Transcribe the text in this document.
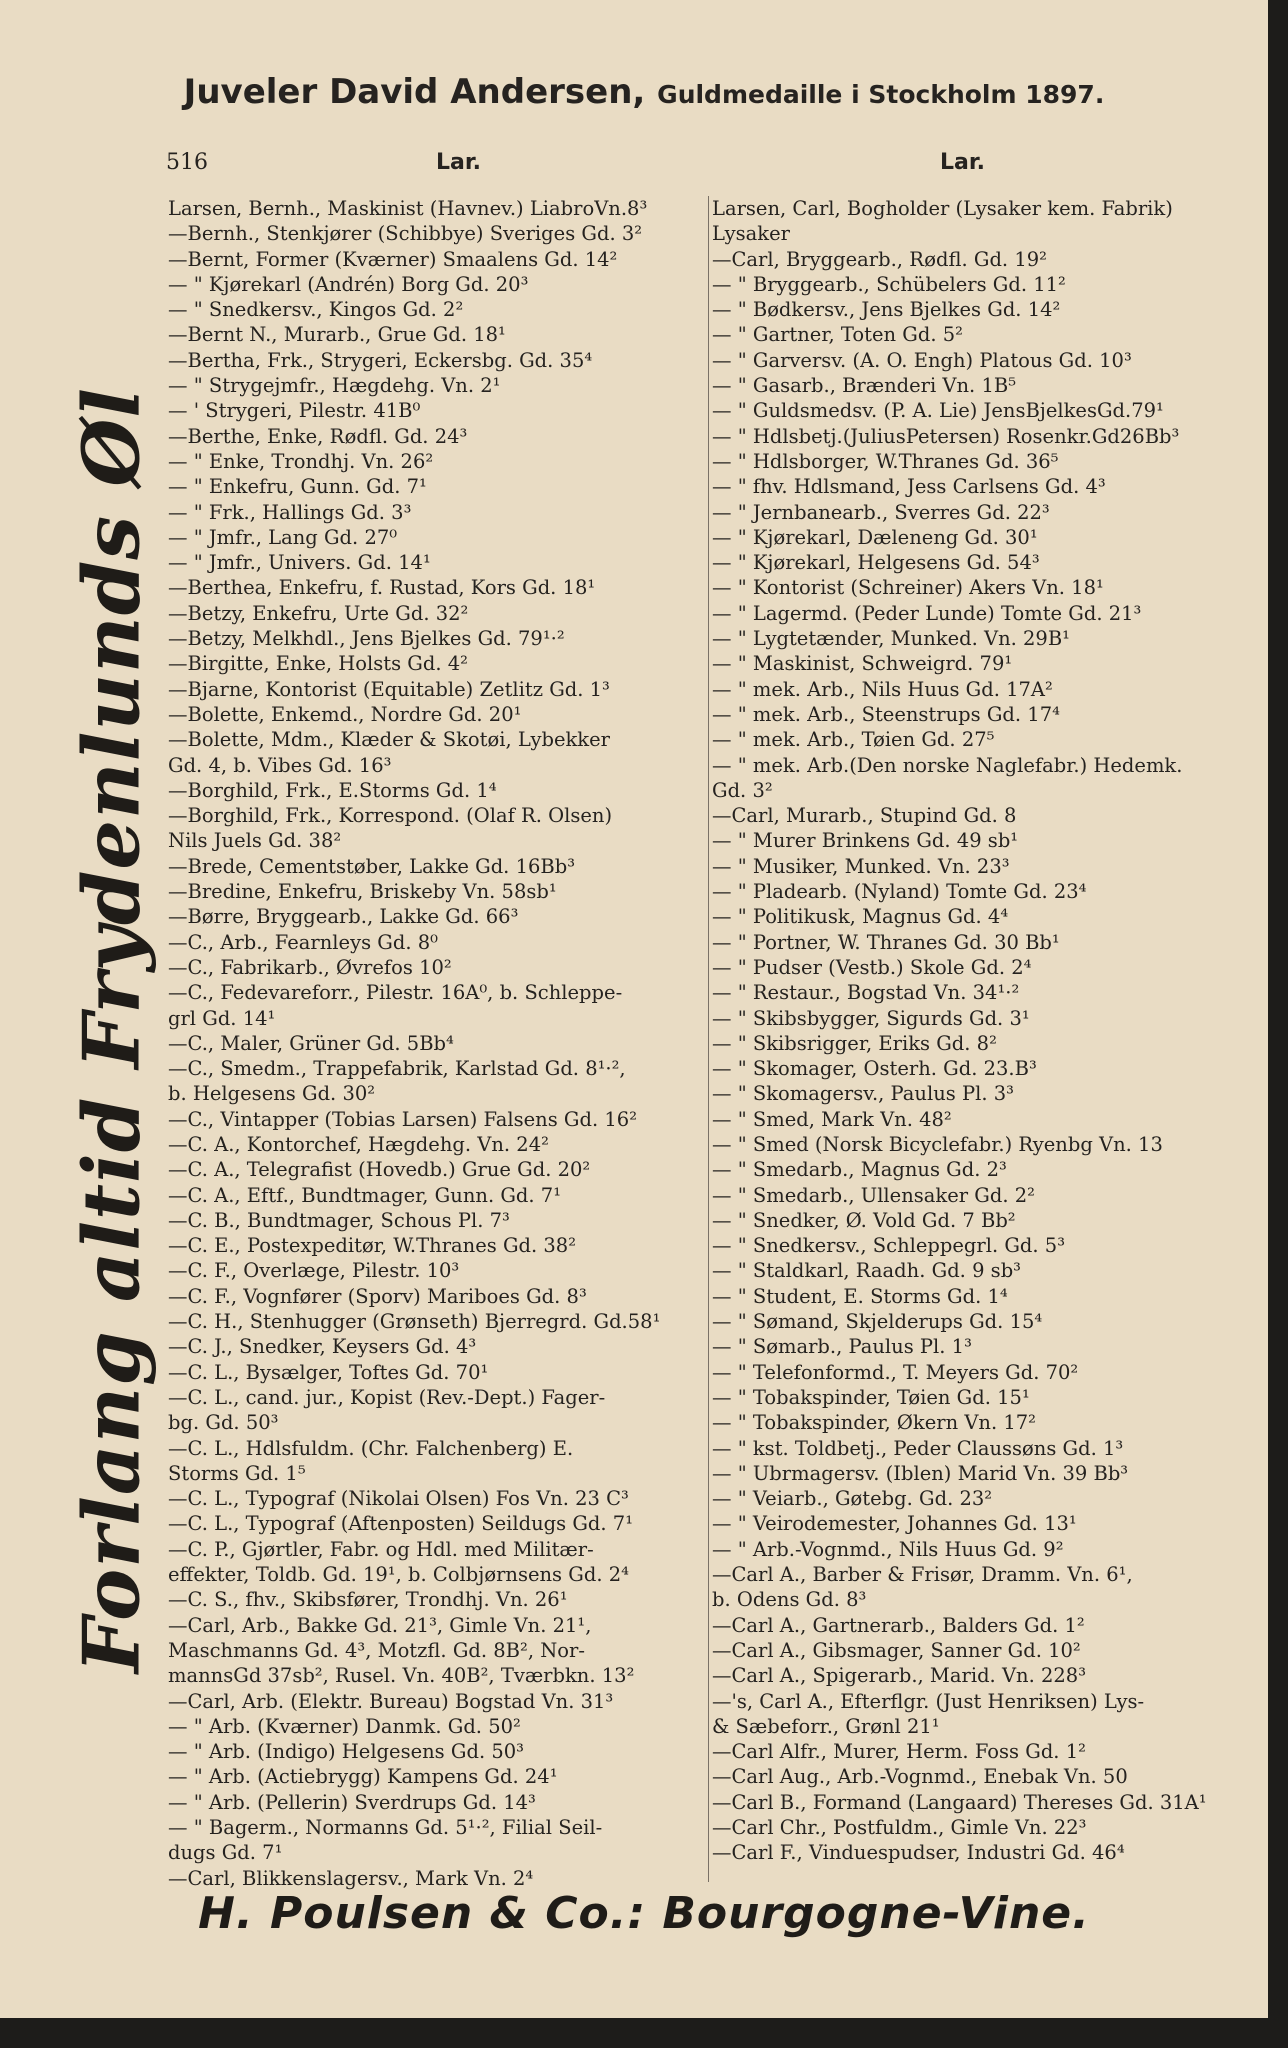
Juveler David Andersen, Guldmedaille i Stockholm 1897.
516	Lar.	Lar.
Forlang altid Frydenlunds Øl
Larsen, Bernh., Maskinist (Havnev.) LiabroVn.8³
—Bernh., Stenkjører (Schibbye) Sveriges Gd. 3²
—Bernt, Former (Kværner) Smaalens Gd. 14²
— " Kjørekarl (Andrén) Borg Gd. 20³
— " Snedkersv., Kingos Gd. 2²
—Bernt N., Murarb., Grue Gd. 18¹
—Bertha, Frk., Strygeri, Eckersbg. Gd. 35⁴
— " Strygejmfr., Hægdehg. Vn. 2¹
— ' Strygeri, Pilestr. 41B⁰
—Berthe, Enke, Rødfl. Gd. 24³
— " Enke, Trondhj. Vn. 26²
— " Enkefru, Gunn. Gd. 7¹
— " Frk., Hallings Gd. 3³
— " Jmfr., Lang Gd. 27⁰
— " Jmfr., Univers. Gd. 14¹
—Berthea, Enkefru, f. Rustad, Kors Gd. 18¹
—Betzy, Enkefru, Urte Gd. 32²
—Betzy, Melkhdl., Jens Bjelkes Gd. 79¹·²
—Birgitte, Enke, Holsts Gd. 4²
—Bjarne, Kontorist (Equitable) Zetlitz Gd. 1³
—Bolette, Enkemd., Nordre Gd. 20¹
—Bolette, Mdm., Klæder & Skotøi, Lybekker
Gd. 4, b. Vibes Gd. 16³
—Borghild, Frk., E.Storms Gd. 1⁴
—Borghild, Frk., Korrespond. (Olaf R. Olsen)
Nils Juels Gd. 38²
—Brede, Cementstøber, Lakke Gd. 16Bb³
—Bredine, Enkefru, Briskeby Vn. 58sb¹
—Børre, Bryggearb., Lakke Gd. 66³
—C., Arb., Fearnleys Gd. 8⁰
—C., Fabrikarb., Øvrefos 10²
—C., Fedevareforr., Pilestr. 16A⁰, b. Schleppe-
grl Gd. 14¹
—C., Maler, Grüner Gd. 5Bb⁴
—C., Smedm., Trappefabrik, Karlstad Gd. 8¹·²,
b. Helgesens Gd. 30²
—C., Vintapper (Tobias Larsen) Falsens Gd. 16²
—C. A., Kontorchef, Hægdehg. Vn. 24²
—C. A., Telegrafist (Hovedb.) Grue Gd. 20²
—C. A., Eftf., Bundtmager, Gunn. Gd. 7¹
—C. B., Bundtmager, Schous Pl. 7³
—C. E., Postexpeditør, W.Thranes Gd. 38²
—C. F., Overlæge, Pilestr. 10³
—C. F., Vognfører (Sporv) Mariboes Gd. 8³
—C. H., Stenhugger (Grønseth) Bjerregrd. Gd.58¹
—C. J., Snedker, Keysers Gd. 4³
—C. L., Bysælger, Toftes Gd. 70¹
—C. L., cand. jur., Kopist (Rev.-Dept.) Fager-
bg. Gd. 50³
—C. L., Hdlsfuldm. (Chr. Falchenberg) E.
Storms Gd. 1⁵
—C. L., Typograf (Nikolai Olsen) Fos Vn. 23 C³
—C. L., Typograf (Aftenposten) Seildugs Gd. 7¹
—C. P., Gjørtler, Fabr. og Hdl. med Militær-
effekter, Toldb. Gd. 19¹, b. Colbjørnsens Gd. 2⁴
—C. S., fhv., Skibsfører, Trondhj. Vn. 26¹
—Carl, Arb., Bakke Gd. 21³, Gimle Vn. 21¹,
Maschmanns Gd. 4³, Motzfl. Gd. 8B², Nor-
mannsGd 37sb², Rusel. Vn. 40B², Tværbkn. 13²
—Carl, Arb. (Elektr. Bureau) Bogstad Vn. 31³
— " Arb. (Kværner) Danmk. Gd. 50²
— " Arb. (Indigo) Helgesens Gd. 50³
— " Arb. (Actiebrygg) Kampens Gd. 24¹
— " Arb. (Pellerin) Sverdrups Gd. 14³
— " Bagerm., Normanns Gd. 5¹·², Filial Seil-
dugs Gd. 7¹
—Carl, Blikkenslagersv., Mark Vn. 2⁴
Larsen, Carl, Bogholder (Lysaker kem. Fabrik)
Lysaker
—Carl, Bryggearb., Rødfl. Gd. 19²
— " Bryggearb., Schübelers Gd. 11²
— " Bødkersv., Jens Bjelkes Gd. 14²
— " Gartner, Toten Gd. 5²
— " Garversv. (A. O. Engh) Platous Gd. 10³
— " Gasarb., Brænderi Vn. 1B⁵
— " Guldsmedsv. (P. A. Lie) JensBjelkesGd.79¹
— " Hdlsbetj.(JuliusPetersen) Rosenkr.Gd26Bb³
— " Hdlsborger, W.Thranes Gd. 36⁵
— " fhv. Hdlsmand, Jess Carlsens Gd. 4³
— " Jernbanearb., Sverres Gd. 22³
— " Kjørekarl, Dæleneng Gd. 30¹
— " Kjørekarl, Helgesens Gd. 54³
— " Kontorist (Schreiner) Akers Vn. 18¹
— " Lagermd. (Peder Lunde) Tomte Gd. 21³
— " Lygtetænder, Munked. Vn. 29B¹
— " Maskinist, Schweigrd. 79¹
— " mek. Arb., Nils Huus Gd. 17A²
— " mek. Arb., Steenstrups Gd. 17⁴
— " mek. Arb., Tøien Gd. 27⁵
— " mek. Arb.(Den norske Naglefabr.) Hedemk.
Gd. 3²
—Carl, Murarb., Stupind Gd. 8
— " Murer Brinkens Gd. 49 sb¹
— " Musiker, Munked. Vn. 23³
— " Pladearb. (Nyland) Tomte Gd. 23⁴
— " Politikusk, Magnus Gd. 4⁴
— " Portner, W. Thranes Gd. 30 Bb¹
— " Pudser (Vestb.) Skole Gd. 2⁴
— " Restaur., Bogstad Vn. 34¹·²
— " Skibsbygger, Sigurds Gd. 3¹
— " Skibsrigger, Eriks Gd. 8²
— " Skomager, Osterh. Gd. 23.B³
— " Skomagersv., Paulus Pl. 3³
— " Smed, Mark Vn. 48²
— " Smed (Norsk Bicyclefabr.) Ryenbg Vn. 13
— " Smedarb., Magnus Gd. 2³
— " Smedarb., Ullensaker Gd. 2²
— " Snedker, Ø. Vold Gd. 7 Bb²
— " Snedkersv., Schleppegrl. Gd. 5³
— " Staldkarl, Raadh. Gd. 9 sb³
— " Student, E. Storms Gd. 1⁴
— " Sømand, Skjelderups Gd. 15⁴
— " Sømarb., Paulus Pl. 1³
— " Telefonformd., T. Meyers Gd. 70²
— " Tobakspinder, Tøien Gd. 15¹
— " Tobakspinder, Økern Vn. 17²
— " kst. Toldbetj., Peder Claussøns Gd. 1³
— " Ubrmagersv. (Iblen) Marid Vn. 39 Bb³
— " Veiarb., Gøtebg. Gd. 23²
— " Veirodemester, Johannes Gd. 13¹
— " Arb.-Vognmd., Nils Huus Gd. 9²
—Carl A., Barber & Frisør, Dramm. Vn. 6¹,
b. Odens Gd. 8³
—Carl A., Gartnerarb., Balders Gd. 1²
—Carl A., Gibsmager, Sanner Gd. 10²
—Carl A., Spigerarb., Marid. Vn. 228³
—'s, Carl A., Efterflgr. (Just Henriksen) Lys-
& Sæbeforr., Grønl 21¹
—Carl Alfr., Murer, Herm. Foss Gd. 1²
—Carl Aug., Arb.-Vognmd., Enebak Vn. 50
—Carl B., Formand (Langaard) Thereses Gd. 31A¹
—Carl Chr., Postfuldm., Gimle Vn. 22³
—Carl F., Vinduespudser, Industri Gd. 46⁴
H. Poulsen & Co.: Bourgogne-Vine.
